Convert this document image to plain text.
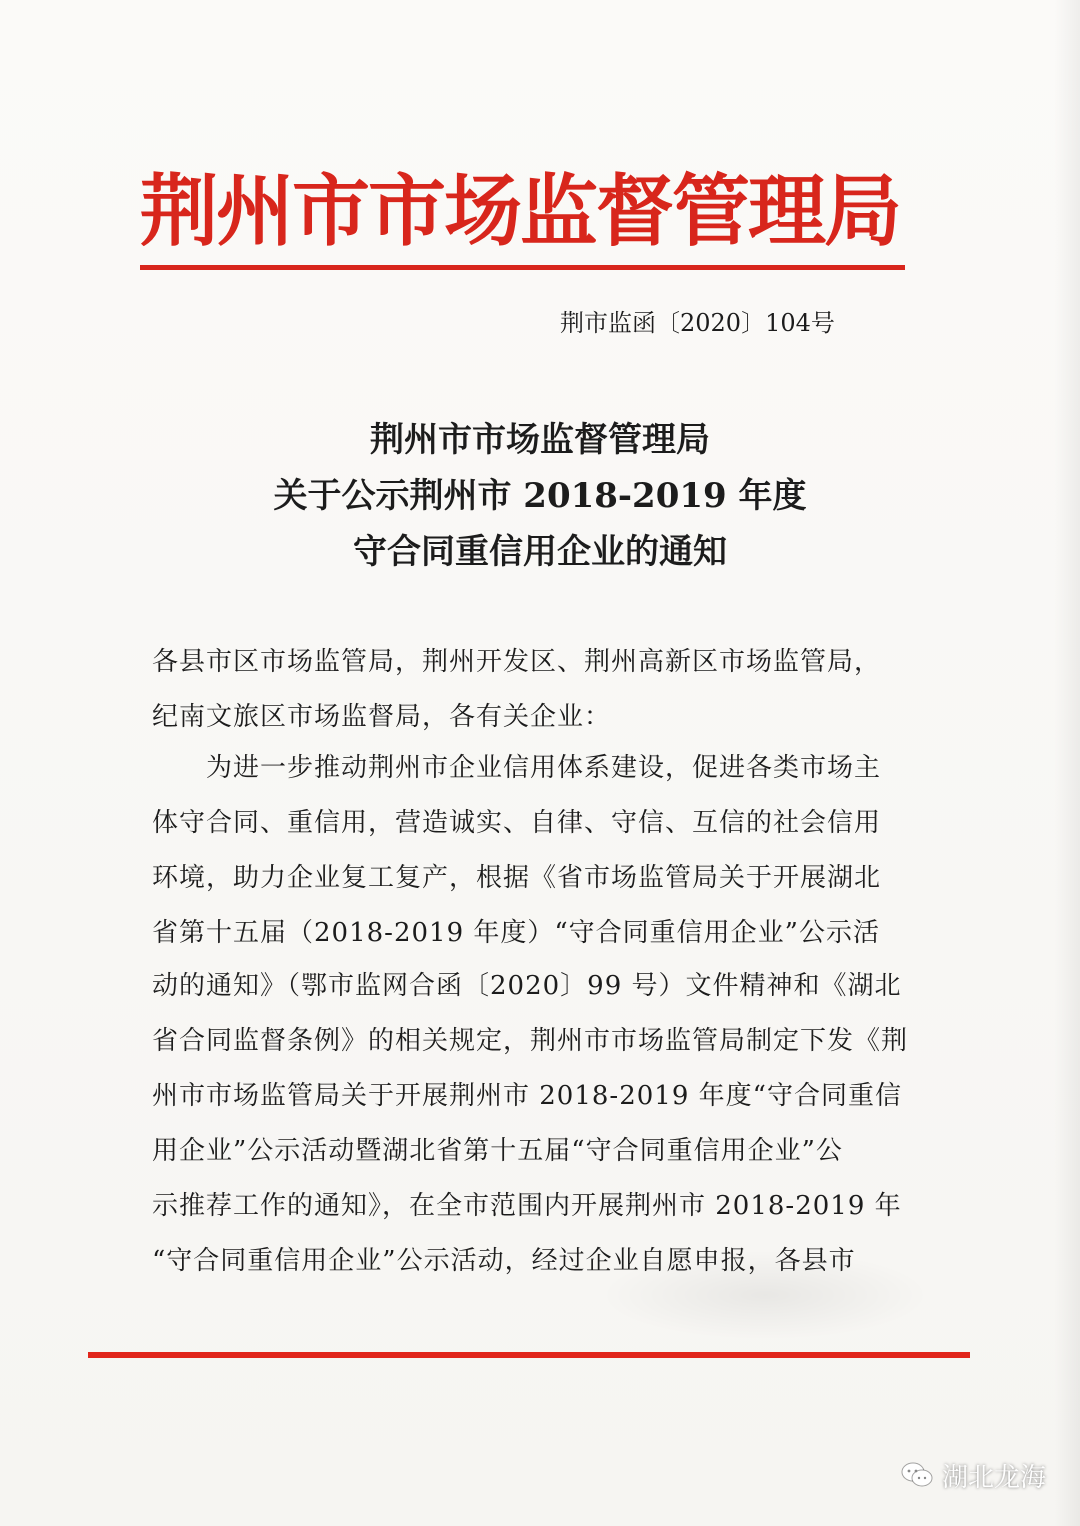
荆州市市场监督管理局
荆市监函〔2020〕104号
荆州市市场监督管理局
关于公示荆州市 2018-2019 年度
守合同重信用企业的通知
各县市区市场监管局，荆州开发区、荆州高新区市场监管局，
纪南文旅区市场监督局，各有关企业：
　　为进一步推动荆州市企业信用体系建设，促进各类市场主
体守合同、重信用，营造诚实、自律、守信、互信的社会信用
环境，助力企业复工复产，根据《省市场监管局关于开展湖北
省第十五届（2018-2019 年度）“守合同重信用企业”公示活
动的通知》（鄂市监网合函〔2020〕99 号）文件精神和《湖北
省合同监督条例》的相关规定，荆州市市场监管局制定下发《荆
州市市场监管局关于开展荆州市 2018-2019 年度“守合同重信
用企业”公示活动暨湖北省第十五届“守合同重信用企业”公
示推荐工作的通知》，在全市范围内开展荆州市 2018-2019 年
“守合同重信用企业”公示活动，经过企业自愿申报，各县市
湖北龙海
